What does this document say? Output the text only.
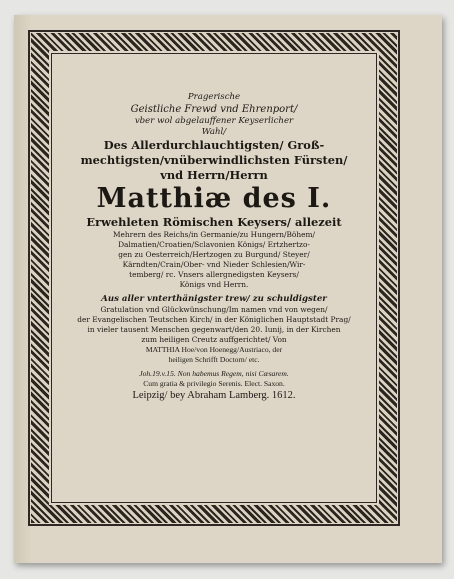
Pragerische
Geistliche Frewd vnd Ehrenport/
vber wol abgelauffener Keyserlicher
Wahl/
Des Allerdurchlauchtigsten/ Groß-
mechtigsten/vnüberwindlichsten Fürsten/
vnd Herrn/Herrn
Matthiæ des I.
Erwehleten Römischen Keysers/ allezeit
Mehrern des Reichs/in Germanie/zu Hungern/Böhem/
Dalmatien/Croatien/Sclavonien Königs/ Ertzhertzo-
gen zu Oesterreich/Hertzogen zu Burgund/ Steyer/
Kärndten/Crain/Ober- vnd Nieder Schlesien/Wir-
temberg/ rc. Vnsers allergnedigsten Keysers/
Königs vnd Herrn.
Aus aller vnterthänigster trew/ zu schuldigster
Gratulation vnd Glückwünschung/Im namen vnd von wegen/
der Evangelischen Teutschen Kirch/ in der Königlichen Hauptstadt Prag/
in vieler tausent Menschen gegenwart/den 20. Iunij, in der Kirchen
zum heiligen Creutz auffgerichtet/ Von
MATTHIA Hoe/von Hoenegg/Austriaco, der
heiligen Schrifft Doctorn/ etc.
Joh.19.v.15. Non habemus Regem, nisi Cæsarem.
Cum gratia & privilegio Serenis. Elect. Saxon.
Leipzig/ bey Abraham Lamberg. 1612.
